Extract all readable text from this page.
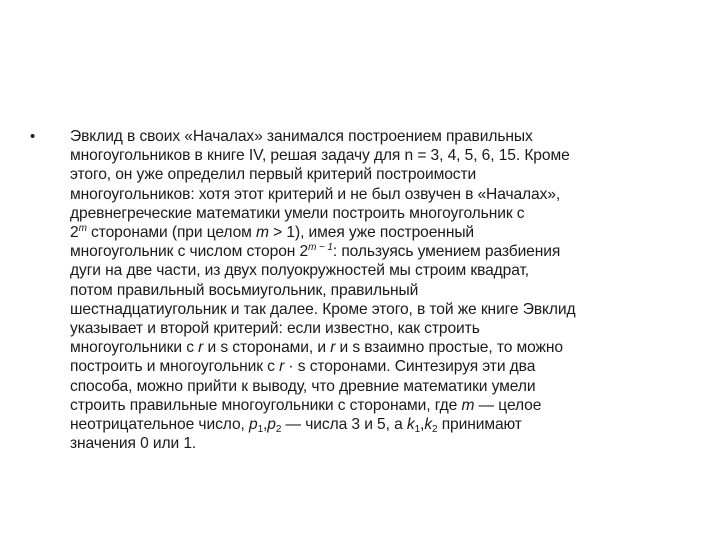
• Эвклид в своих «Началах» занимался построением правильных
многоугольников в книге IV, решая задачу для n = 3, 4, 5, 6, 15. Кроме
этого, он уже определил первый критерий построимости
многоугольников: хотя этот критерий и не был озвучен в «Началах»,
древнегреческие математики умели построить многоугольник с
2$^m$ сторонами (при целом m > 1), имея уже построенный
многоугольник с числом сторон $2^{m - 1}$: пользуясь умением разбиения
дуги на две части, из двух полуокружностей мы строим квадрат,
потом правильный восьмиугольник, правильный
шестнадцатиугольник и так далее. Кроме этого, в той же книге Эвклид
указывает и второй критерий: если известно, как строить
многоугольники с r и s сторонами, и r и s взаимно простые, то можно
построить и многоугольник с r · s сторонами. Синтезируя эти два
способа, можно прийти к выводу, что древние математики умели
строить правильные многоугольники с сторонами, где m — целое
неотрицательное число, $p_1,p_2$ — числа 3 и 5, а $k_1,k_2$ принимают
значения 0 или 1.
